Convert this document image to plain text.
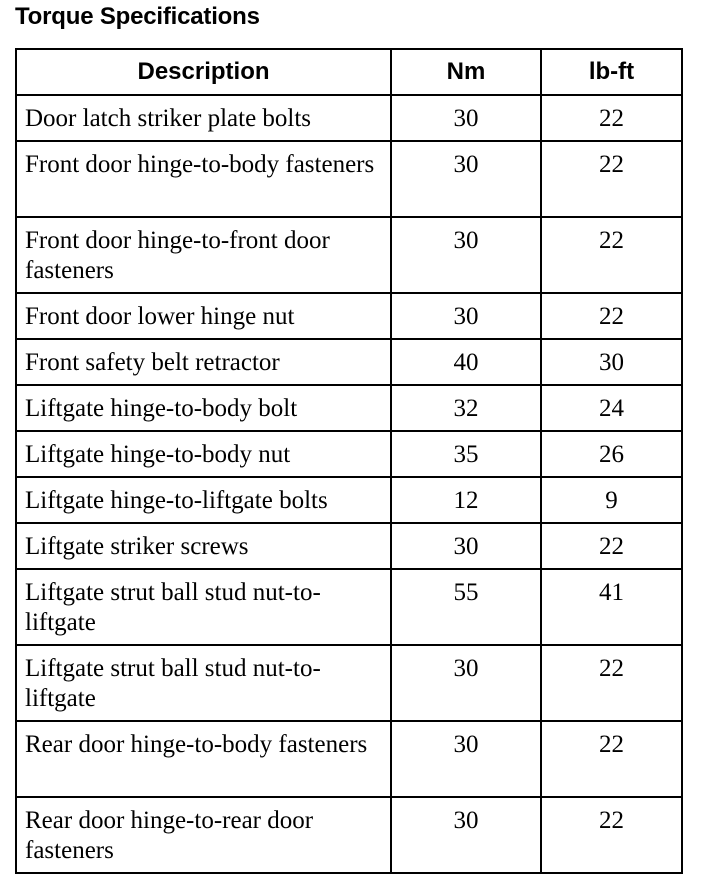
Torque Specifications
Description	Nm	lb-ft
Door latch striker plate bolts	30	22
Front door hinge-to-body fasteners	30	22
Front door hinge-to-front door fasteners	30	22
Front door lower hinge nut	30	22
Front safety belt retractor	40	30
Liftgate hinge-to-body bolt	32	24
Liftgate hinge-to-body nut	35	26
Liftgate hinge-to-liftgate bolts	12	9
Liftgate striker screws	30	22
Liftgate strut ball stud nut-to-liftgate	55	41
Liftgate strut ball stud nut-to-liftgate	30	22
Rear door hinge-to-body fasteners	30	22
Rear door hinge-to-rear door fasteners	30	22
